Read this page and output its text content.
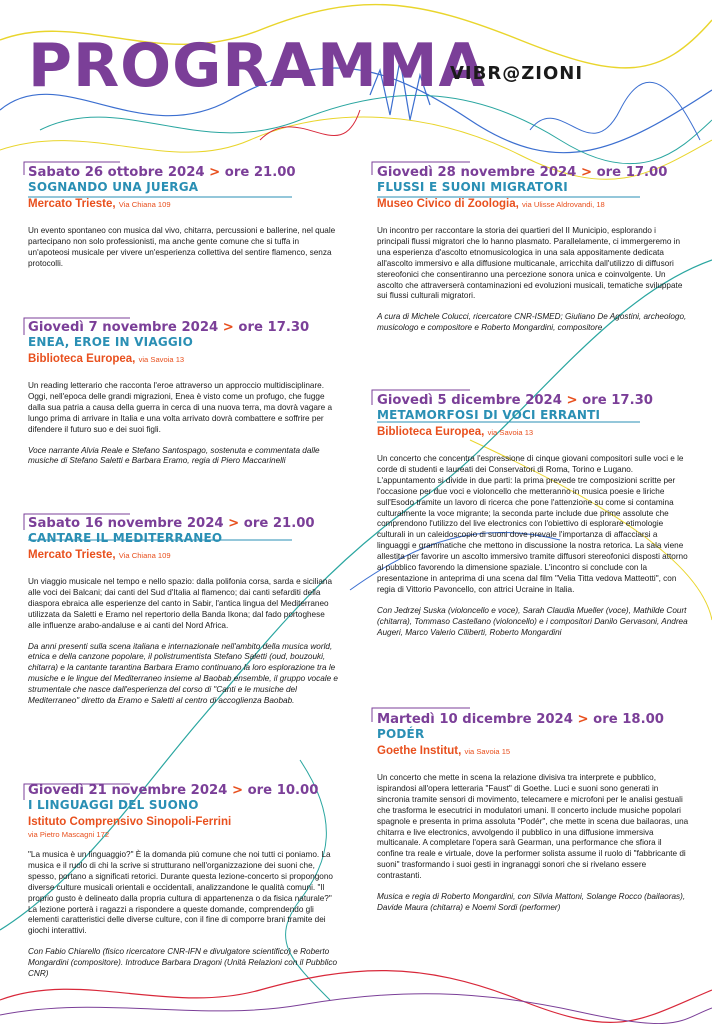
PROGRAMMA
VIBR@ZIONI
Sabato 26 ottobre 2024 > ore 21.00
SOGNANDO UNA JUERGA
Mercato Trieste, Via Chiana 109
Un evento spontaneo con musica dal vivo, chitarra, percussioni e ballerine, nel quale partecipano non solo professionisti, ma anche gente comune che si tuffa in un'apoteosi musicale per vivere un'esperienza collettiva del sentire flamenco, senza protocolli.
Giovedì 7 novembre 2024 > ore 17.30
ENEA, EROE IN VIAGGIO
Biblioteca Europea, via Savoia 13
Un reading letterario che racconta l'eroe attraverso un approccio multidisciplinare. Oggi, nell'epoca delle grandi migrazioni, Enea è visto come un profugo, che fugge dalla sua patria a causa della guerra in cerca di una nuova terra, ma dovrà vagare a lungo prima di arrivare in Italia e una volta arrivato dovrà combattere e soffrire per difendere il futuro suo e dei suoi figli.
Voce narrante Alvia Reale e Stefano Santospago, sostenuta e commentata dalle musiche di Stefano Saletti e Barbara Eramo, regia di Piero Maccarinelli
Sabato 16 novembre 2024 > ore 21.00
CANTARE IL MEDITERRANEO
Mercato Trieste, Via Chiana 109
Un viaggio musicale nel tempo e nello spazio: dalla polifonia corsa, sarda e siciliana alle voci dei Balcani; dai canti del Sud d'Italia al flamenco; dai canti sefarditi della diaspora ebraica alle esperienze del canto in Sabir, l'antica lingua del Mediterraneo utilizzata da Saletti e Eramo nel repertorio della Banda Ikona; dal fado portoghese alle influenze arabo-andaluse e ai canti del Nord Africa.
Da anni presenti sulla scena italiana e internazionale nell'ambito della musica world, etnica e della canzone popolare, il polistrumentista Stefano Saletti (oud, bouzouki, chitarra) e la cantante tarantina Barbara Eramo continuano la loro esplorazione tra le musiche e le lingue del Mediterraneo insieme al Baobab ensemble, il gruppo vocale e strumentale che nasce dall'esperienza del corso di "Canti e le musiche del Mediterraneo" diretto da Eramo e Saletti al centro di accoglienza Baobab.
Giovedì 21 novembre 2024 > ore 10.00
I LINGUAGGI DEL SUONO
Istituto Comprensivo Sinopoli-Ferrini
via Pietro Mascagni 172
"La musica è un linguaggio?" È la domanda più comune che noi tutti ci poniamo. La musica e il ruolo di chi la scrive si strutturano nell'organizzazione dei suoni che, spesso, portano a significati retorici. Durante questa lezione-concerto si propongono diverse culture musicali orientali e occidentali, analizzandone le qualità comuni. "Il proprio gusto è delineato dalla propria cultura di appartenenza o da fisica naturale?" La lezione porterà i ragazzi a rispondere a queste domande, comprendendo gli elementi caratteristici delle diverse culture, con il fine di comporre brani tramite dei giochi interattivi.
Con Fabio Chiarello (fisico ricercatore CNR-IFN e divulgatore scientifico) e Roberto Mongardini (compositore). Introduce Barbara Dragoni (Unità Relazioni con il Pubblico CNR)
Giovedì 28 novembre 2024 > ore 17.00
FLUSSI E SUONI MIGRATORI
Museo Civico di Zoologia, via Ulisse Aldrovandi, 18
Un incontro per raccontare la storia dei quartieri del II Municipio, esplorando i principali flussi migratori che lo hanno plasmato. Parallelamente, ci immergeremo in una esperienza d'ascolto etnomusicologica in una sala appositamente dedicata all'ascolto immersivo e alla diffusione multicanale, arricchita dall'utilizzo di diffusori stereofonici che consentiranno una percezione sonora unica e coinvolgente. Un ascolto che attraverserà contaminazioni ed evoluzioni musicali, tematiche sviluppate sui flussi culturali migratori.
A cura di Michele Colucci, ricercatore CNR-ISMED; Giuliano De Agostini, archeologo, musicologo e compositore e Roberto Mongardini, compositore
Giovedì 5 dicembre 2024 > ore 17.30
METAMORFOSI DI VOCI ERRANTI
Biblioteca Europea, via Savoia 13
Un concerto che concentra l'espressione di cinque giovani compositori sulle voci e le corde di studenti e laureati dei Conservatori di Roma, Torino e Lugano. L'appuntamento si divide in due parti: la prima prevede tre composizioni scritte per l'occasione per due voci e violoncello che metteranno in musica poesie e liriche sull'Esodo tramite un lavoro di ricerca che pone l'attenzione su come si contamina culturalmente la voce migrante; la seconda parte include due prime assolute che comprendono l'utilizzo del live electronics con l'obiettivo di esplorare etimologie culturali in un caleidoscopio di suoni dove prevale l'importanza di affacciarsi a linguaggi e grammatiche che mettono in discussione la nostra retorica. La sala viene allestita per favorire un ascolto immersivo tramite diffusori stereofonici disposti attorno al pubblico favorendo la dimensione spaziale. L'incontro si conclude con la presentazione in anteprima di una scena dal film "Velia Titta vedova Matteotti", con regia di Vittorio Pavoncello, con attrici Ucraine in Italia.
Con Jedrzej Suska (violoncello e voce), Sarah Claudia Mueller (voce), Mathilde Court (chitarra), Tommaso Castellano (violoncello) e i compositori Danilo Gervasoni, Andrea Augeri, Marco Valerio Ciliberti, Roberto Mongardini
Martedì 10 dicembre 2024 > ore 18.00
PODÉR
Goethe Institut, via Savoia 15
Un concerto che mette in scena la relazione divisiva tra interprete e pubblico, ispirandosi all'opera letteraria "Faust" di Goethe. Luci e suoni sono generati in sincronia tramite sensori di movimento, telecamere e microfoni per le analisi gestuali che trasforma le esecutrici in modulatori umani. Il concerto include musiche popolari spagnole e presenta in prima assoluta "Podér", che mette in scena due bailaoras, una chitarra e live electronics, avvolgendo il pubblico in una diffusione immersiva multicanale. A completare l'opera sarà Gearman, una performance che sfiora il confine tra reale e virtuale, dove la performer solista assume il ruolo di "fabbricante di suoni" trasformando i suoi gesti in ingranaggi sonori che si rivelano essere contrastanti.
Musica e regia di Roberto Mongardini, con Silvia Mattoni, Solange Rocco (bailaoras), Davide Maura (chitarra) e Noemi Sordi (performer)
